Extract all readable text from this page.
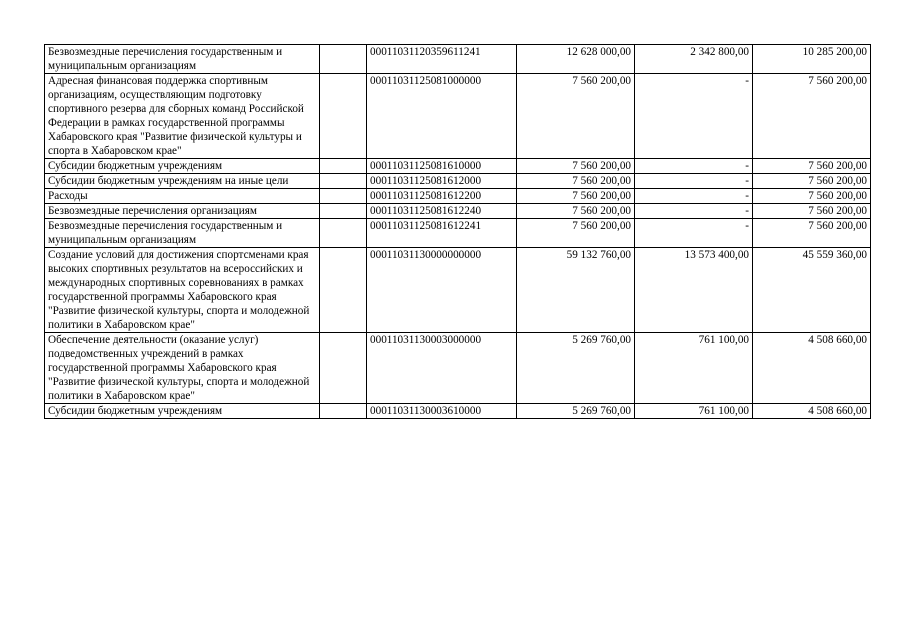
Безвозмездные перечисления государственным и муниципальным организациям		00011031120359611241	12 628 000,00	2 342 800,00	10 285 200,00
Адресная финансовая поддержка спортивным организациям, осуществляющим подготовку спортивного резерва для сборных команд Российской Федерации в рамках государственной программы Хабаровского края "Развитие физической культуры и спорта в Хабаровском крае"		00011031125081000000	7 560 200,00	-	7 560 200,00
Субсидии бюджетным учреждениям		00011031125081610000	7 560 200,00	-	7 560 200,00
Субсидии бюджетным учреждениям на иные цели		00011031125081612000	7 560 200,00	-	7 560 200,00
Расходы		00011031125081612200	7 560 200,00	-	7 560 200,00
Безвозмездные перечисления организациям		00011031125081612240	7 560 200,00	-	7 560 200,00
Безвозмездные перечисления государственным и муниципальным организациям		00011031125081612241	7 560 200,00	-	7 560 200,00
Создание условий для достижения спортсменами края высоких спортивных результатов на всероссийских и международных спортивных соревнованиях в рамках государственной программы Хабаровского края "Развитие физической культуры, спорта и молодежной политики в Хабаровском крае"		00011031130000000000	59 132 760,00	13 573 400,00	45 559 360,00
Обеспечение деятельности (оказание услуг) подведомственных учреждений в рамках государственной программы Хабаровского края "Развитие физической культуры, спорта и молодежной политики в Хабаровском крае"		00011031130003000000	5 269 760,00	761 100,00	4 508 660,00
Субсидии бюджетным учреждениям		00011031130003610000	5 269 760,00	761 100,00	4 508 660,00
